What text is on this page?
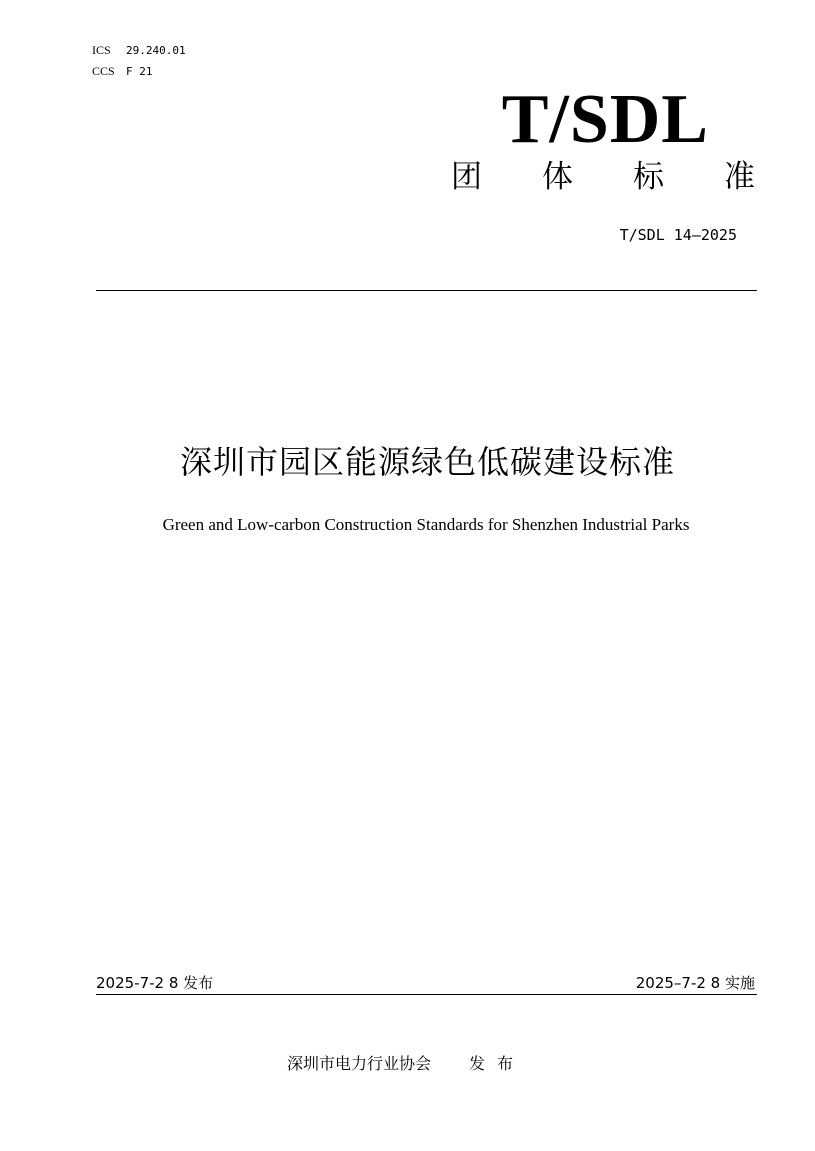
ICS 29.240.01
CCS F 21
T/SDL
团 体 标 准
T/SDL 14—2025
深圳市园区能源绿色低碳建设标准
Green and Low-carbon Construction Standards for Shenzhen Industrial Parks
2025-7-2 8 发布	2025–7-2 8 实施
深圳市电力行业协会 发布
